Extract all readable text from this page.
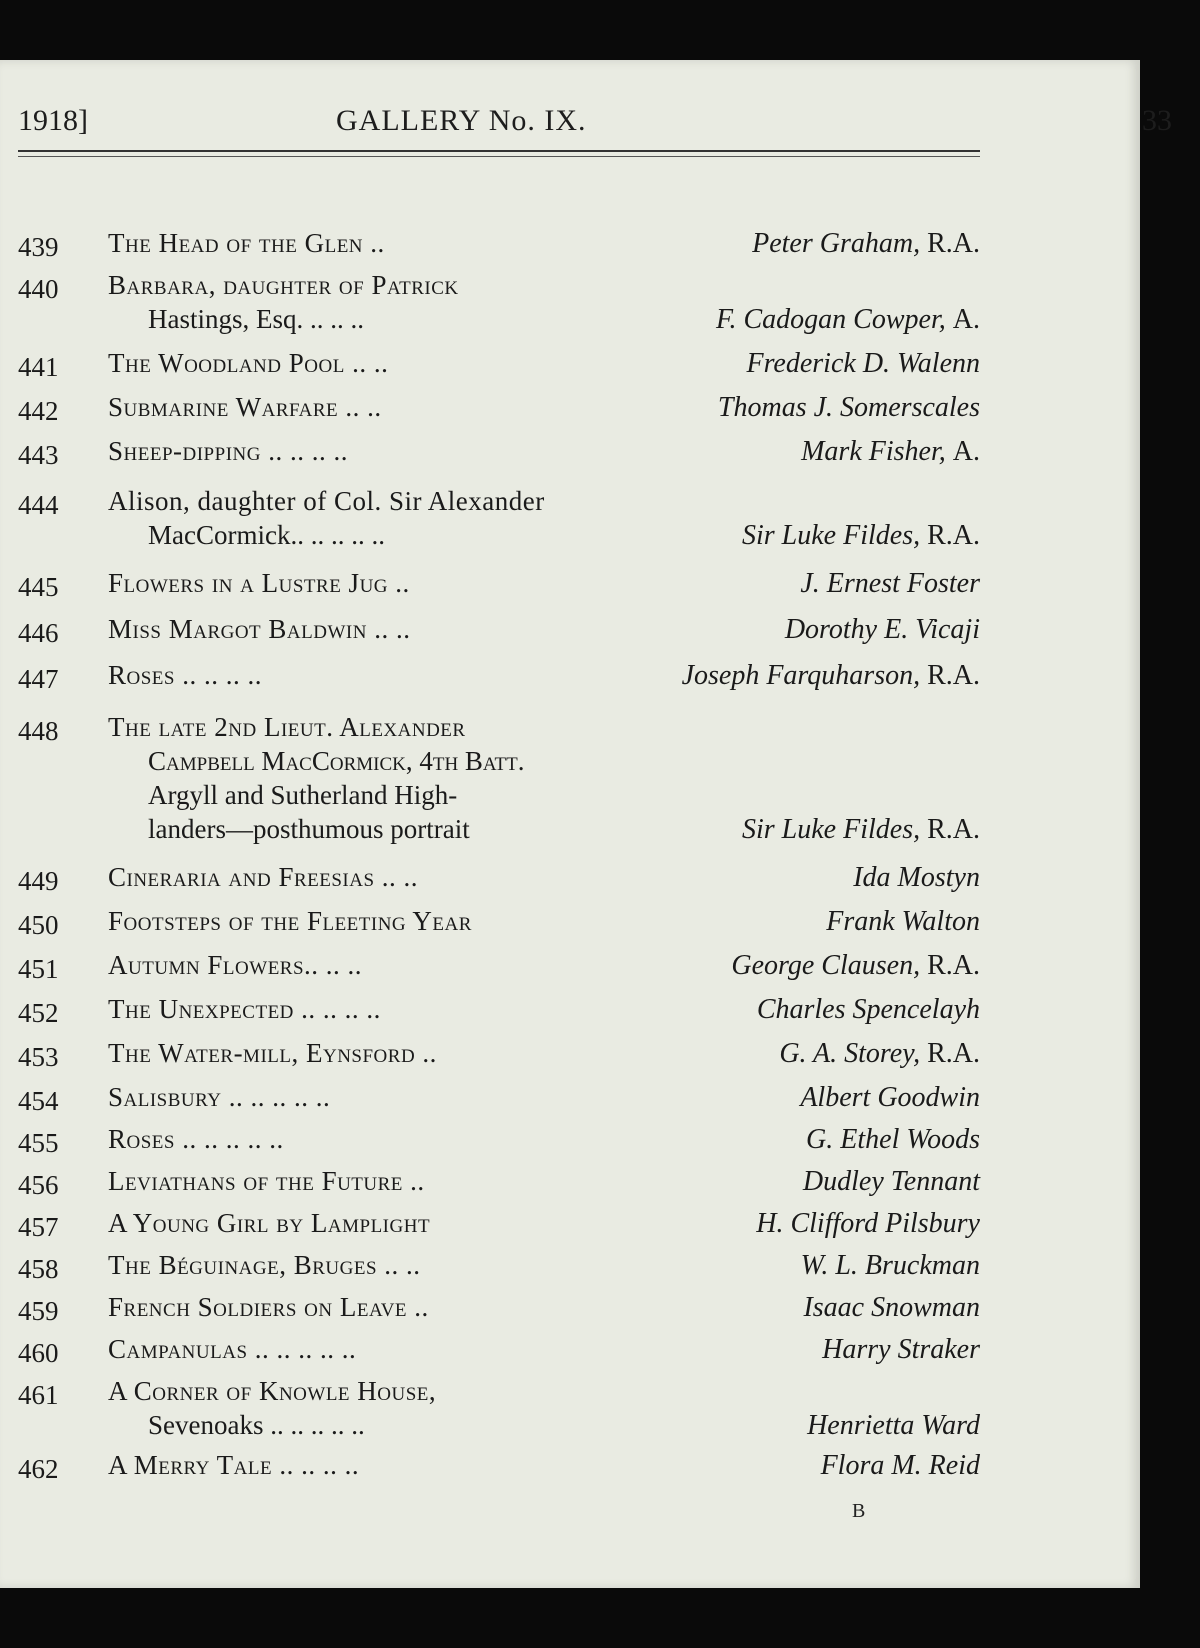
1918]	GALLERY No. IX.	33
439 The Head of the Glen ..	Peter Graham, R.A.
440 Barbara, daughter of Patrick
Hastings, Esq. .. .. ..	F. Cadogan Cowper, A.
441 The Woodland Pool .. ..	Frederick D. Walenn
442 Submarine Warfare .. ..	Thomas J. Somerscales
443 Sheep-dipping .. .. .. ..	Mark Fisher, A.
444 Alison, daughter of Col. Sir Alexander
MacCormick.. .. .. .. ..	Sir Luke Fildes, R.A.
445 Flowers in a Lustre Jug ..	J. Ernest Foster
446 Miss Margot Baldwin .. ..	Dorothy E. Vicaji
447 Roses .. .. .. ..	Joseph Farquharson, R.A.
448 The late 2nd Lieut. Alexander
Campbell MacCormick, 4th Batt.
Argyll and Sutherland High-
landers—posthumous portrait	Sir Luke Fildes, R.A.
449 Cineraria and Freesias .. ..	Ida Mostyn
450 Footsteps of the Fleeting Year	Frank Walton
451 Autumn Flowers.. .. ..	George Clausen, R.A.
452 The Unexpected .. .. .. ..	Charles Spencelayh
453 The Water-mill, Eynsford ..	G. A. Storey, R.A.
454 Salisbury .. .. .. .. ..	Albert Goodwin
455 Roses .. .. .. .. ..	G. Ethel Woods
456 Leviathans of the Future ..	Dudley Tennant
457 A Young Girl by Lamplight	H. Clifford Pilsbury
458 The Béguinage, Bruges .. ..	W. L. Bruckman
459 French Soldiers on Leave ..	Isaac Snowman
460 Campanulas .. .. .. .. ..	Harry Straker
461 A Corner of Knowle House,
Sevenoaks .. .. .. .. ..	Henrietta Ward
462 A Merry Tale .. .. .. ..	Flora M. Reid
B
